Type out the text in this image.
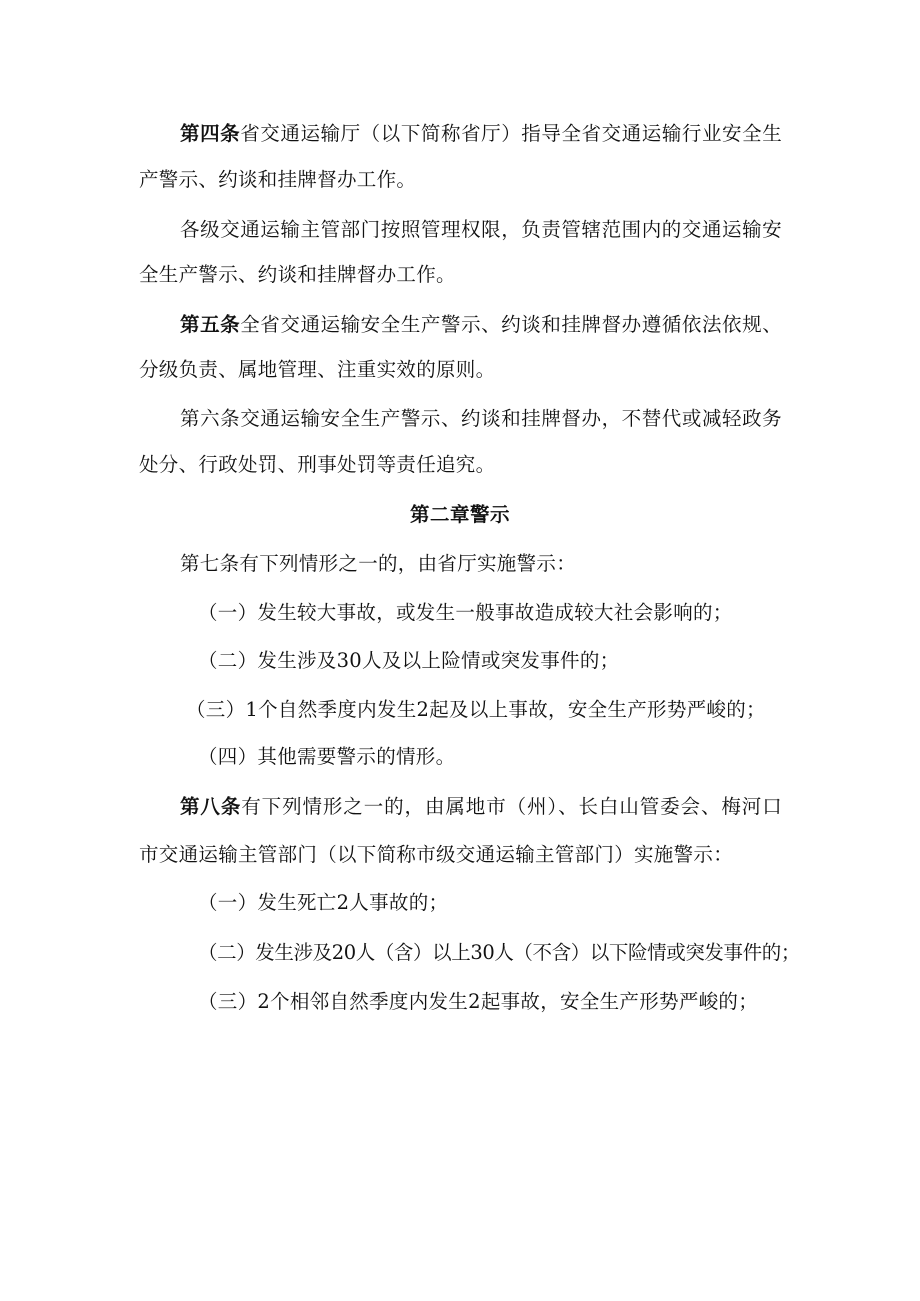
第四条省交通运输厅（以下简称省厅）指导全省交通运输行业安全生
产警示、约谈和挂牌督办工作。
各级交通运输主管部门按照管理权限，负责管辖范围内的交通运输安
全生产警示、约谈和挂牌督办工作。
第五条全省交通运输安全生产警示、约谈和挂牌督办遵循依法依规、
分级负责、属地管理、注重实效的原则。
第六条交通运输安全生产警示、约谈和挂牌督办，不替代或减轻政务
处分、行政处罚、刑事处罚等责任追究。
第二章警示
第七条有下列情形之一的，由省厅实施警示：
（一）发生较大事故，或发生一般事故造成较大社会影响的；
（二）发生涉及30人及以上险情或突发事件的；
（三）1个自然季度内发生2起及以上事故，安全生产形势严峻的；
（四）其他需要警示的情形。
第八条有下列情形之一的，由属地市（州）、长白山管委会、梅河口
市交通运输主管部门（以下简称市级交通运输主管部门）实施警示：
（一）发生死亡2人事故的；
（二）发生涉及20人（含）以上30人（不含）以下险情或突发事件的；
（三）2个相邻自然季度内发生2起事故，安全生产形势严峻的；
